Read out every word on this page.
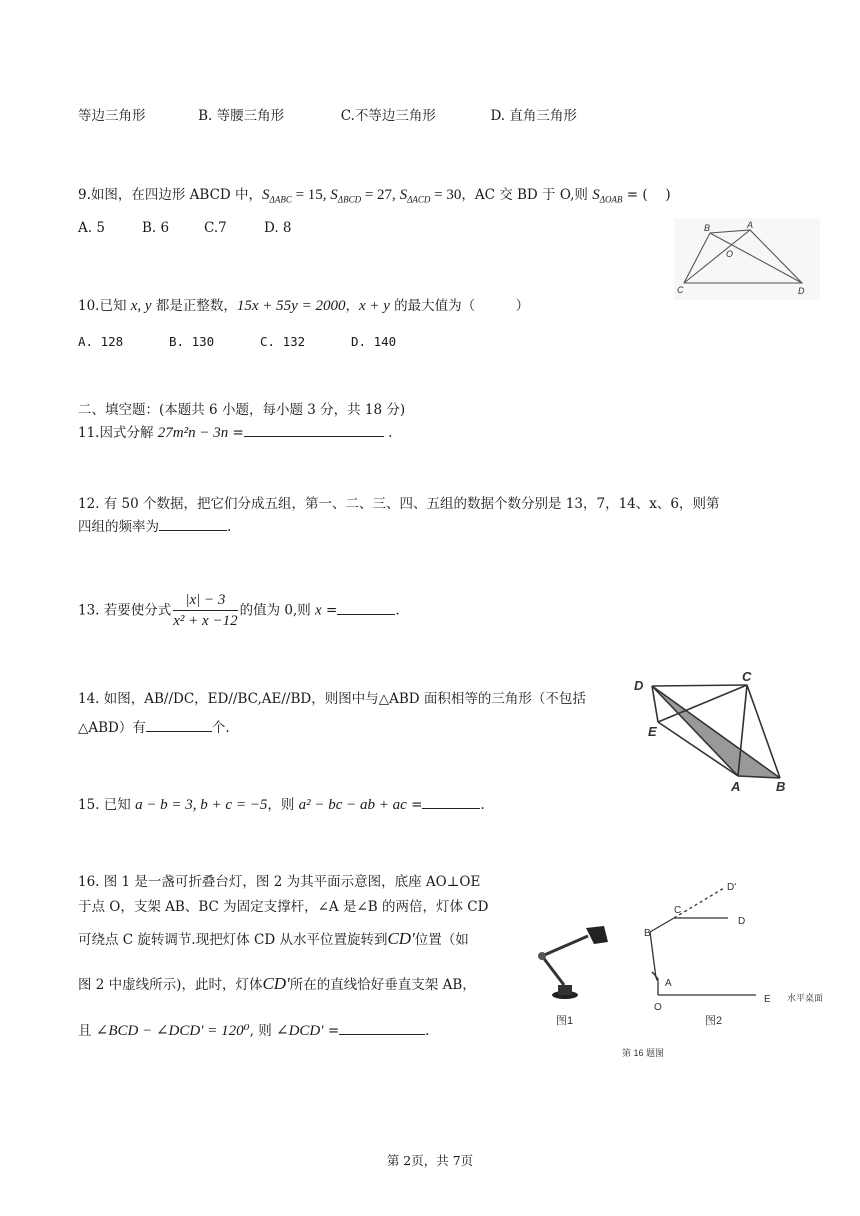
等边三角形	B. 等腰三角形	C.不等边三角形	D. 直角三角形
9.如图，在四边形 ABCD 中，$S_{\Delta ABC} = 15$, $S_{\Delta BCD} = 27$, $S_{\Delta ACD} = 30$，AC 交 BD 于 O,则 $S_{\Delta OAB}$ = (　 )
A. 5	B. 6	C.7	D. 8	B	A
O
C	D
10.已知 x, y 都是正整数，15x + 55y = 2000，x + y 的最大值为（　　　）
A. 128	B. 130	C. 132	D. 140
二、填空题：(本题共 6 小题，每小题 3 分，共 18 分)
11.因式分解 27m²n − 3n =	.
12. 有 50 个数据，把它们分成五组，第一、二、三、四、五组的数据个数分别是 13，7，14、x、6，则第
四组的频率为	.
13. 若要使分式 $\frac{|x| - 3}{\text{x² + x −12}}$ 的值为 0,则 x =	.
14. 如图，AB//DC，ED//BC,AE//BD，则图中与△ABD 面积相等的三角形（不包括
△ABD）有	个.
D
C
E
A	B
15. 已知 a − b = 3, b + c = −5，则 a² − bc − ab + ac =	.
16. 图 1 是一盏可折叠台灯，图 2 为其平面示意图，底座 AO⊥OE
于点 O，支架 AB、BC 为固定支撑杆，∠A 是∠B 的两倍，灯体 CD
可绕点 C 旋转调节.现把灯体 CD 从水平位置旋转到CD′位置（如
图 2 中虚线所示)，此时，灯体CD′所在的直线恰好垂直支架 AB，
且 ∠BCD − ∠DCD′ = 120⁰, 则 ∠DCD′ =	.
图1
B
C
D
D'
A
O
E 水平桌面
图2
第 16 题图
第 2页，共 7页
